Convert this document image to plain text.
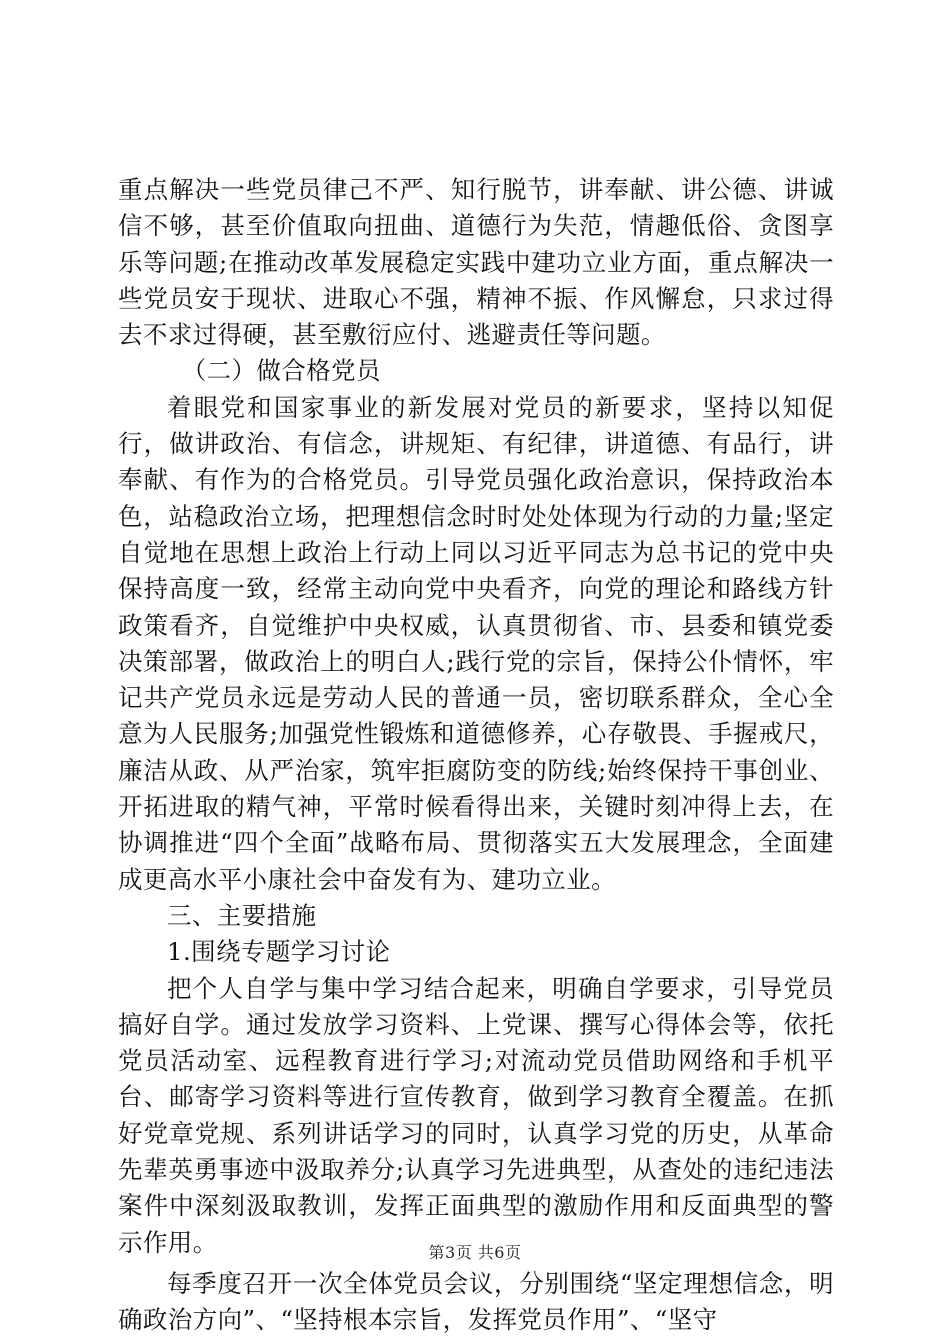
重点解决一些党员律己不严、知行脱节，讲奉献、讲公德、讲诚信不够，甚至价值取向扭曲、道德行为失范，情趣低俗、贪图享乐等问题;在推动改革发展稳定实践中建功立业方面，重点解决一些党员安于现状、进取心不强，精神不振、作风懈怠，只求过得去不求过得硬，甚至敷衍应付、逃避责任等问题。

（二）做合格党员

着眼党和国家事业的新发展对党员的新要求，坚持以知促行，做讲政治、有信念，讲规矩、有纪律，讲道德、有品行，讲奉献、有作为的合格党员。引导党员强化政治意识，保持政治本色，站稳政治立场，把理想信念时时处处体现为行动的力量;坚定自觉地在思想上政治上行动上同以习近平同志为总书记的党中央保持高度一致，经常主动向党中央看齐，向党的理论和路线方针政策看齐，自觉维护中央权威，认真贯彻省、市、县委和镇党委决策部署，做政治上的明白人;践行党的宗旨，保持公仆情怀，牢记共产党员永远是劳动人民的普通一员，密切联系群众，全心全意为人民服务;加强党性锻炼和道德修养，心存敬畏、手握戒尺，廉洁从政、从严治家，筑牢拒腐防变的防线;始终保持干事创业、开拓进取的精气神，平常时候看得出来，关键时刻冲得上去，在协调推进“四个全面”战略布局、贯彻落实五大发展理念，全面建成更高水平小康社会中奋发有为、建功立业。

三、主要措施

1.围绕专题学习讨论

把个人自学与集中学习结合起来，明确自学要求，引导党员搞好自学。通过发放学习资料、上党课、撰写心得体会等，依托党员活动室、远程教育进行学习;对流动党员借助网络和手机平台、邮寄学习资料等进行宣传教育，做到学习教育全覆盖。在抓好党章党规、系列讲话学习的同时，认真学习党的历史，从革命先辈英勇事迹中汲取养分;认真学习先进典型，从查处的违纪违法案件中深刻汲取教训，发挥正面典型的激励作用和反面典型的警示作用。

每季度召开一次全体党员会议，分别围绕“坚定理想信念，明确政治方向”、“坚持根本宗旨，发挥党员作用”、“坚守

第3页 共6页
